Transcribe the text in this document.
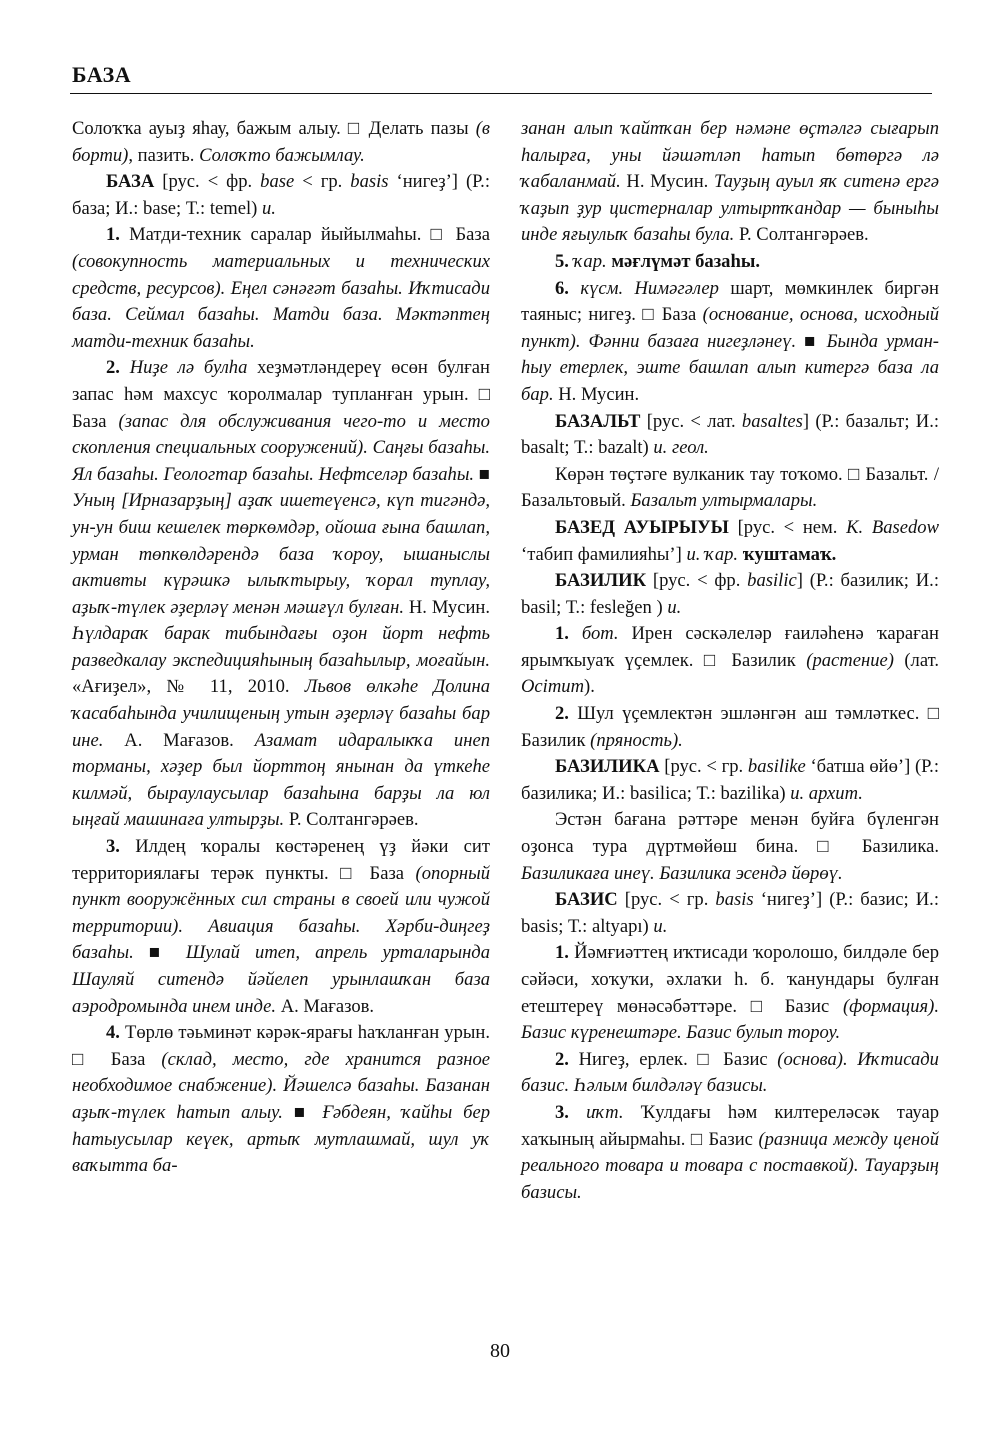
БАЗА

Солоҡҡа ауыҙ яһау, бажым алыу. □ Делать пазы (в борти), пазить. Солоҡто бажымлау.

БАЗА [рус. < фр. base < гр. basis ‘нигеҙ’] (Р.: база; И.: base; Т.: temel) и.

1. Матди-техник саралар йыйылмаһы. □ База (совокупность материальных и технических средств, ресурсов). Еңел сәнәғәт базаһы. Иҡтисади база. Сеймал базаһы. Матди база. Мәктәптең матди-техник базаһы.

2. Ниҙе лә булһа хеҙмәтләндереү өсөн булған запас һәм махсус ҡоролмалар тупланған урын. □ База (запас для обслуживания чего-то и место скопления специальных сооружений). Саңғы базаһы. Ял базаһы. Геологтар базаһы. Нефтселәр базаһы. ■ Уның [Ирназарҙың] аҙаҡ ишетеүенсә, күп тигәндә, ун-ун биш кешелек төркөмдәр, ойоша ғына башлап, урман төпкөлдәрендә база ҡороу, ышаныслы активты күрәшкә ылыҡтырыу, ҡорал туплау, аҙыҡ-түлек әҙерләү менән мәшғүл булған. Н. Мусин. Һүлдараҡ барак тибындағы оҙон йорт нефть разведкалау экспедицияһының базаһылыр, моғайын. «Ағиҙел», № 11, 2010. Львов өлкәһе Долина ҡасабаһында училищеның утын әҙерләү базаһы бар ине. А. Мағазов. Азамат идаралыкҡа инеп торманы, хәҙер был йорттоң янынан да үткеһе килмәй, быраулаусылар базаһына барҙы ла юл ыңғай машинаға ултырҙы. Р. Солтангәрәев.

3. Илдең ҡоралы көстәренең үҙ йәки сит территориялағы терәк пункты. □ База (опорный пункт вооружённых сил страны в своей или чужой территории). Авиация базаһы. Хәрби-диңгеҙ базаһы. ■ Шулай итеп, апрель урталарында Шауляй ситендә йәйелеп урынлашҡан база аэродромында инем инде. А. Мағазов.

4. Төрлө тәьминәт кәрәк-ярағы һаҡланған урын. □ База (склад, место, где хранится разное необходимое снабжение). Йәшелсә базаһы. Базанан аҙыҡ-түлек һатып алыу. ■ Ғәбдеян, ҡайһы бер һатыусылар кеүек, артыҡ мутлашмай, шул уҡ ваҡытта ба-

занан алып ҡайтҡан бер нәмәне өҫтәлгә сығарып һалырға, уны йәшәтләп һатып бөтөргә лә ҡабаланмай. Н. Мусин. Тауҙың ауыл яҡ ситенә ергә ҡаҙып ҙур цистерналар ултыртҡандар — быныһы инде яғыулыҡ базаһы була. Р. Солтангәрәев.

5. ҡар. мәғлүмәт базаһы.

6. күсм. Нимәгәлер шарт, мөмкинлек биргән таяныс; нигеҙ. □ База (основание, основа, исходный пункт). Фәнни базаға нигеҙләнеү. ■ Бында урман-һыу етерлек, эште башлап алып китергә база ла бар. Н. Мусин.

БАЗАЛЬТ [рус. < лат. basaltes] (Р.: базальт; И.: basalt; Т.: bazalt) и. геол.

Көрән төҫтәге вулканик тау тоҡомо. □ Базальт. / Базальтовый. Базальт ултырмалары.

БАЗЕД АУЫРЫУЫ [рус. < нем. K. Basedow ‘табип фамилияһы’] и. ҡар. ҡуштамаҡ.

БАЗИЛИК [рус. < фр. basilic] (Р.: базилик; И.: basil; Т.: fesleğen ) и.

1. бот. Ирен сәскәлеләр ғаиләһенә ҡараған ярымҡыуаҡ үҫемлек. □ Базилик (растение) (лат. Ocimum).

2. Шул үҫемлектән эшләнгән аш тәмләткес. □ Базилик (пряность).

БАЗИЛИКА [рус. < гр. basilike ‘батша өйө’] (Р.: базилика; И.: basilica; Т.: bazilika) и. архит.

Эстән бағана рәттәре менән буйға бүленгән оҙонса тура дүртмөйөш бина. □ Базилика. Базиликаға инеү. Базилика эсендә йөрөү.

БАЗИС [рус. < гр. basis ‘нигеҙ’] (Р.: базис; И.: basis; Т.: altyapı) и.

1. Йәмғиәттең иҡтисади ҡоролошо, билдәле бер сәйәси, хоҡуҡи, әхлаҡи һ. б. ҡанундары булған етештереү мөнәсәбәттәре. □ Базис (формация). Базис күренештәре. Базис булып тороу.

2. Нигеҙ, ерлек. □ Базис (основа). Иҡтисади базис. Һәлым билдәләү базисы.

3. иҡт. Ҡулдағы һәм килтереләсәк тауар хаҡының айырмаһы. □ Базис (разница между ценой реального товара и товара с поставкой). Тауарҙың базисы.

80
